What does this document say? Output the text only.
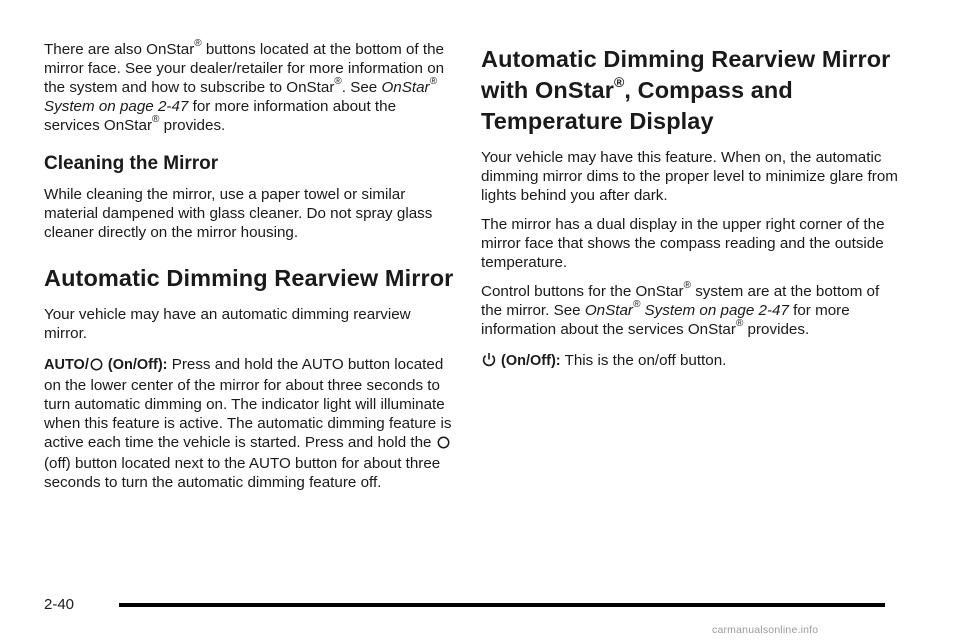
There are also OnStar® buttons located at the bottom of the mirror face. See your dealer/retailer for more information on the system and how to subscribe to OnStar®. See OnStar® System on page 2-47 for more information about the services OnStar® provides.

Cleaning the Mirror

While cleaning the mirror, use a paper towel or similar material dampened with glass cleaner. Do not spray glass cleaner directly on the mirror housing.

Automatic Dimming Rearview Mirror

Your vehicle may have an automatic dimming rearview mirror.

AUTO/ (On/Off): Press and hold the AUTO button located on the lower center of the mirror for about three seconds to turn automatic dimming on. The indicator light will illuminate when this feature is active. The automatic dimming feature is active each time the vehicle is started. Press and hold the  (off) button located next to the AUTO button for about three seconds to turn the automatic dimming feature off.

Automatic Dimming Rearview Mirror with OnStar®, Compass and Temperature Display

Your vehicle may have this feature. When on, the automatic dimming mirror dims to the proper level to minimize glare from lights behind you after dark.

The mirror has a dual display in the upper right corner of the mirror face that shows the compass reading and the outside temperature.

Control buttons for the OnStar® system are at the bottom of the mirror. See OnStar® System on page 2-47 for more information about the services OnStar® provides.

(On/Off): This is the on/off button.

2-40
carmanualsonline.info
